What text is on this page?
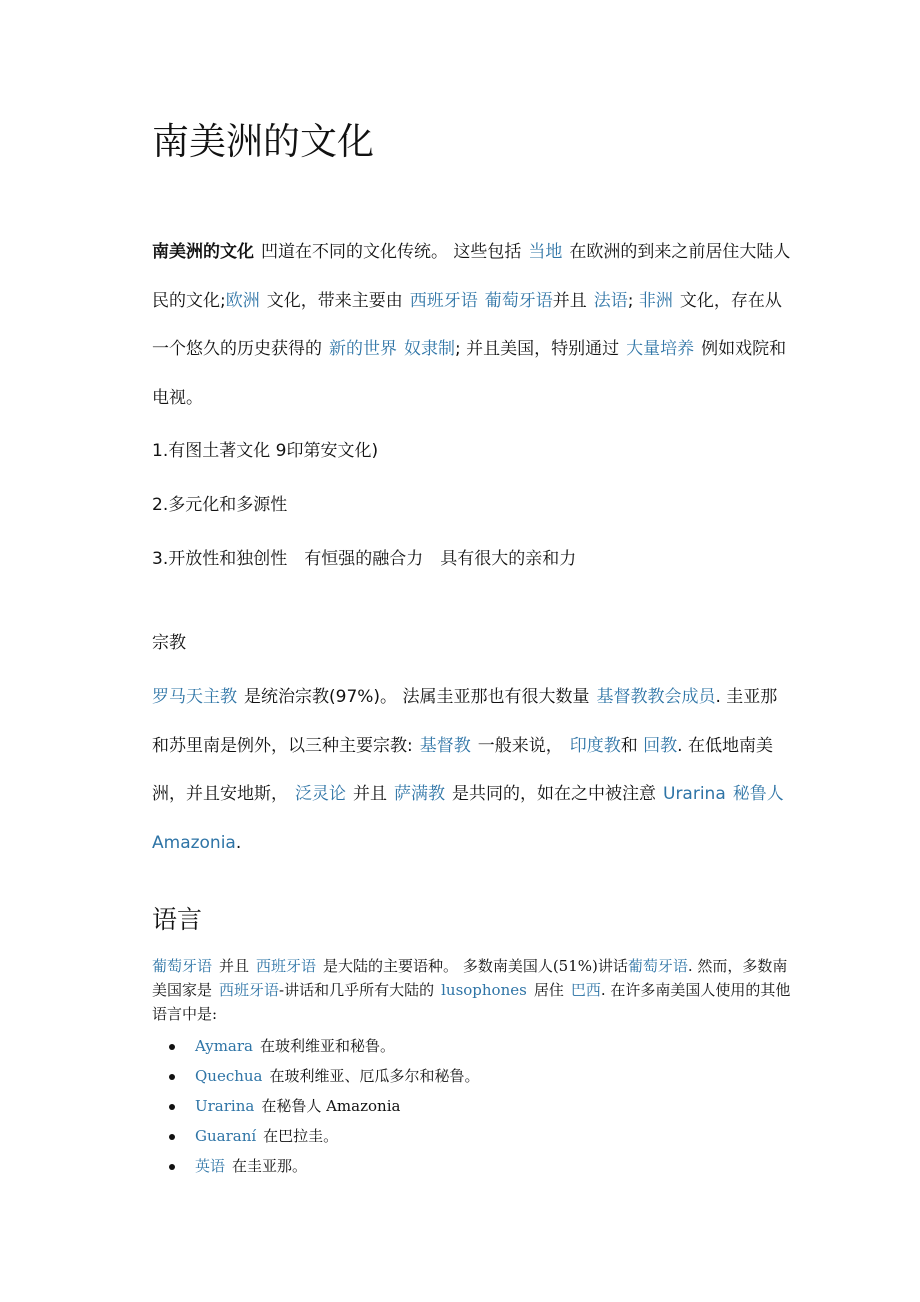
南美洲的文化

南美洲的文化 凹道在不同的文化传统。 这些包括 当地 在欧洲的到来之前居住大陆人民的文化;欧洲 文化，带来主要由 西班牙语 葡萄牙语并且 法语; 非洲 文化，存在从一个悠久的历史获得的 新的世界 奴隶制; 并且美国，特别通过 大量培养 例如戏院和电视。

1.有图土著文化 9印第安文化)

2.多元化和多源性

3.开放性和独创性　有恒强的融合力　具有很大的亲和力

宗教

罗马天主教 是统治宗教(97%)。 法属圭亚那也有很大数量 基督教教会成员. 圭亚那和苏里南是例外，以三种主要宗教: 基督教 一般来说， 印度教和 回教. 在低地南美洲，并且安地斯， 泛灵论 并且 萨满教 是共同的，如在之中被注意 Urarina 秘鲁人 Amazonia.

语言

葡萄牙语 并且 西班牙语 是大陆的主要语种。 多数南美国人(51%)讲话葡萄牙语. 然而，多数南美国家是 西班牙语-讲话和几乎所有大陆的 lusophones 居住 巴西. 在许多南美国人使用的其他语言中是:

Aymara 在玻利维亚和秘鲁。
Quechua 在玻利维亚、厄瓜多尔和秘鲁。
Urarina 在秘鲁人 Amazonia
Guaraní 在巴拉圭。
英语 在圭亚那。
